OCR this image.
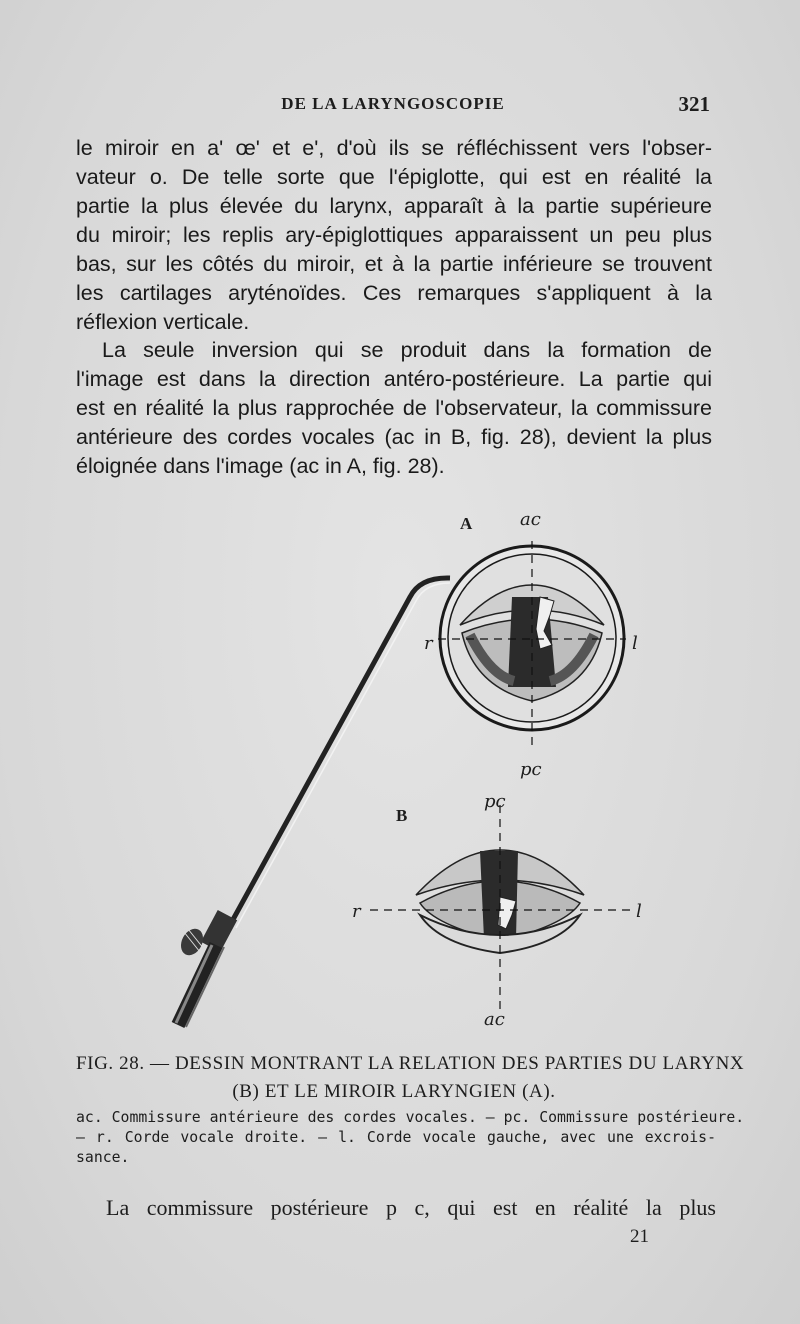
DE LA LARYNGOSCOPIE	321
le miroir en a' œ' et e', d'où ils se réfléchissent vers l'obser-
vateur o. De telle sorte que l'épiglotte, qui est en réalité la
partie la plus élevée du larynx, apparaît à la partie supérieure
du miroir; les replis ary-épiglottiques apparaissent un peu plus
bas, sur les côtés du miroir, et à la partie inférieure se trouvent
les cartilages aryténoïdes. Ces remarques s'appliquent à la
réflexion verticale.
La seule inversion qui se produit dans la formation de
l'image est dans la direction antéro-postérieure. La partie qui
est en réalité la plus rapprochée de l'observateur, la commissure
antérieure des cordes vocales (ac in B, fig. 28), devient la plus
éloignée dans l'image (ac in A, fig. 28).
A	ac
r	l
pc
B
pc
r	l
ac
FIG. 28. — DESSIN MONTRANT LA RELATION DES PARTIES DU LARYNX
(B) ET LE MIROIR LARYNGIEN (A).
ac. Commissure antérieure des cordes vocales. — pc. Commissure postérieure.
— r. Corde vocale droite. — l. Corde vocale gauche, avec une excrois-
sance.
La commissure postérieure p c, qui est en réalité la plus
21
